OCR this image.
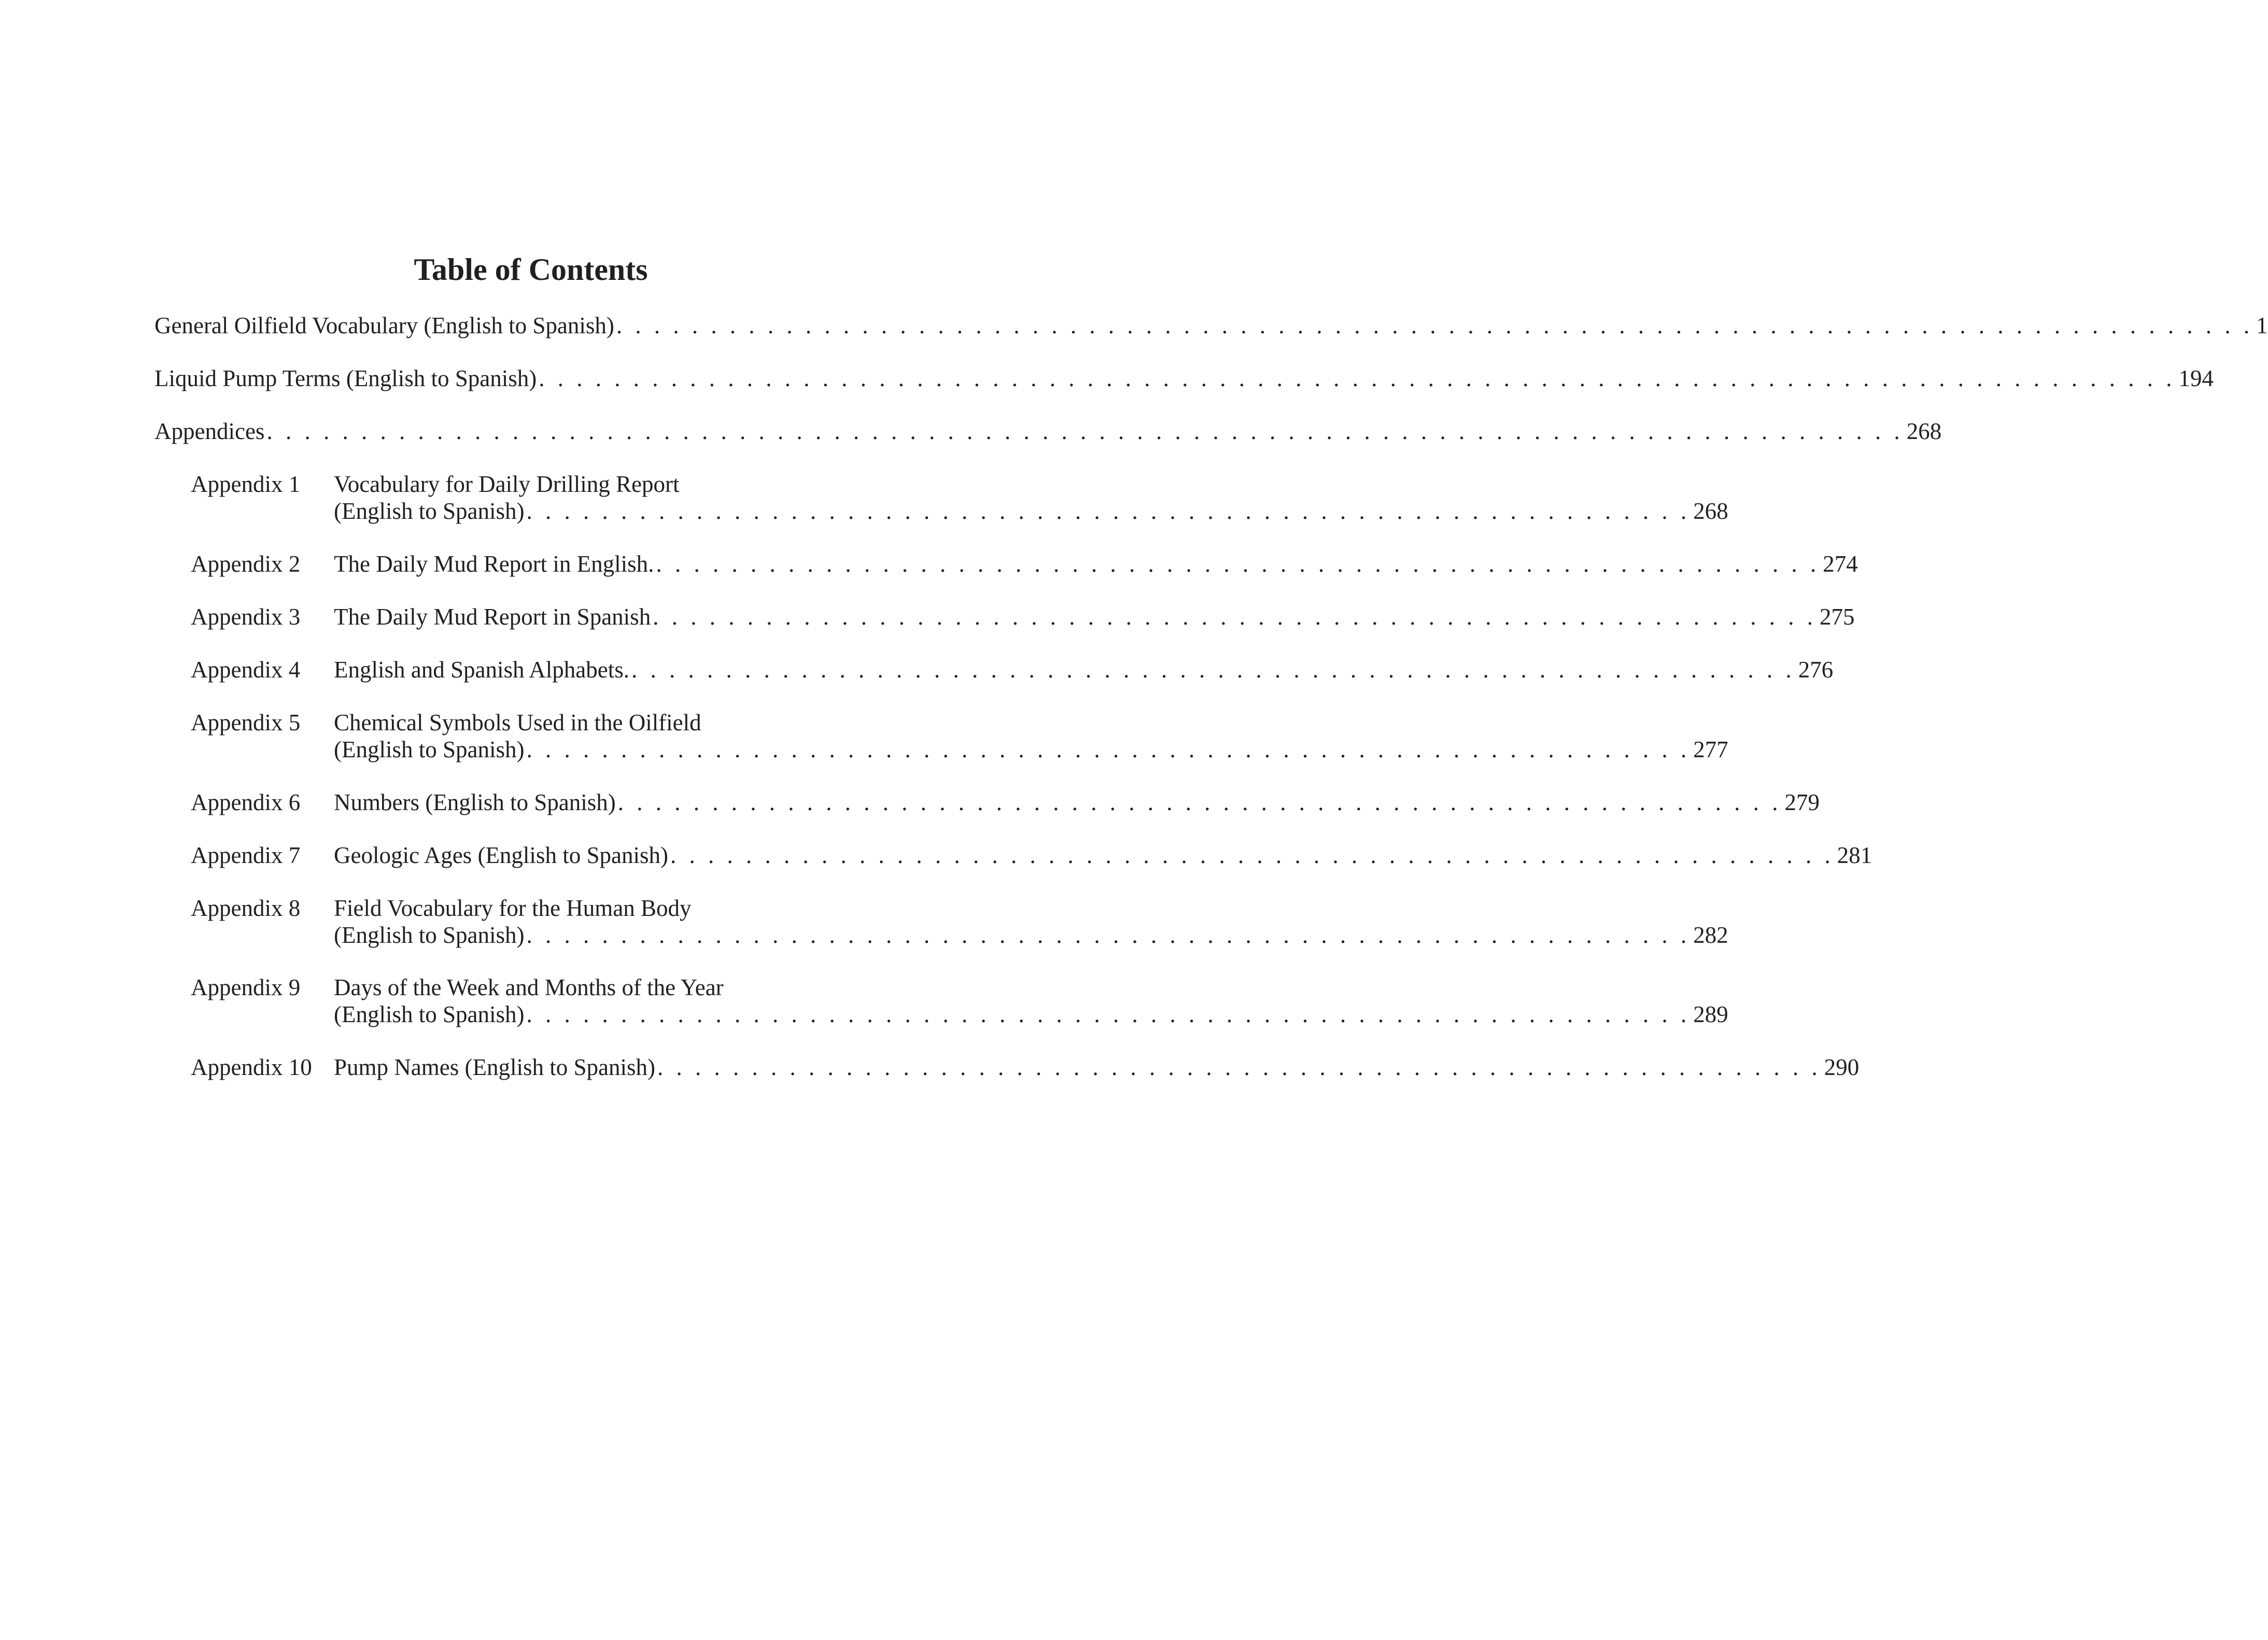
Table of Contents
General Oilfield Vocabulary (English to Spanish) . . . . . . . . . . . . . . . . . . . . . . . . . . . . . . . . . . . . . . . . . . . . . . . . . . . . . . . . . . . . . . . . . . . . . . . . . . . . . . . . . . . . . . . 1
Liquid Pump Terms (English to Spanish) . . . . . . . . . . . . . . . . . . . . . . . . . . . . . . . . . . . . . . . . . . . . . . . . . . . . . . . . . . . . . . . . . . . . . . . . . . . . . . . . . . . . . . . 194
Appendices . . . . . . . . . . . . . . . . . . . . . . . . . . . . . . . . . . . . . . . . . . . . . . . . . . . . . . . . . . . . . . . . . . . . . . . . . . . . . . . . . . . . . . . 268
Appendix 1 Vocabulary for Daily Drilling Report
(English to Spanish) . . . . . . . . . . . . . . . . . . . . . . . . . . . . . . . . . . . . . . . . . . . . . . . . . . . . . . . . . . . . . . 268
Appendix 2 The Daily Mud Report in English. . . . . . . . . . . . . . . . . . . . . . . . . . . . . . . . . . . . . . . . . . . . . . . . . . . . . . . . . . . . . . . 274
Appendix 3 The Daily Mud Report in Spanish . . . . . . . . . . . . . . . . . . . . . . . . . . . . . . . . . . . . . . . . . . . . . . . . . . . . . . . . . . . . . . 275
Appendix 4 English and Spanish Alphabets. . . . . . . . . . . . . . . . . . . . . . . . . . . . . . . . . . . . . . . . . . . . . . . . . . . . . . . . . . . . . . . 276
Appendix 5 Chemical Symbols Used in the Oilfield
(English to Spanish) . . . . . . . . . . . . . . . . . . . . . . . . . . . . . . . . . . . . . . . . . . . . . . . . . . . . . . . . . . . . . . 277
Appendix 6 Numbers (English to Spanish) . . . . . . . . . . . . . . . . . . . . . . . . . . . . . . . . . . . . . . . . . . . . . . . . . . . . . . . . . . . . . . 279
Appendix 7 Geologic Ages (English to Spanish) . . . . . . . . . . . . . . . . . . . . . . . . . . . . . . . . . . . . . . . . . . . . . . . . . . . . . . . . . . . . . . 281
Appendix 8 Field Vocabulary for the Human Body
(English to Spanish) . . . . . . . . . . . . . . . . . . . . . . . . . . . . . . . . . . . . . . . . . . . . . . . . . . . . . . . . . . . . . . 282
Appendix 9 Days of the Week and Months of the Year
(English to Spanish) . . . . . . . . . . . . . . . . . . . . . . . . . . . . . . . . . . . . . . . . . . . . . . . . . . . . . . . . . . . . . . 289
Appendix 10 Pump Names (English to Spanish) . . . . . . . . . . . . . . . . . . . . . . . . . . . . . . . . . . . . . . . . . . . . . . . . . . . . . . . . . . . . . . 290
